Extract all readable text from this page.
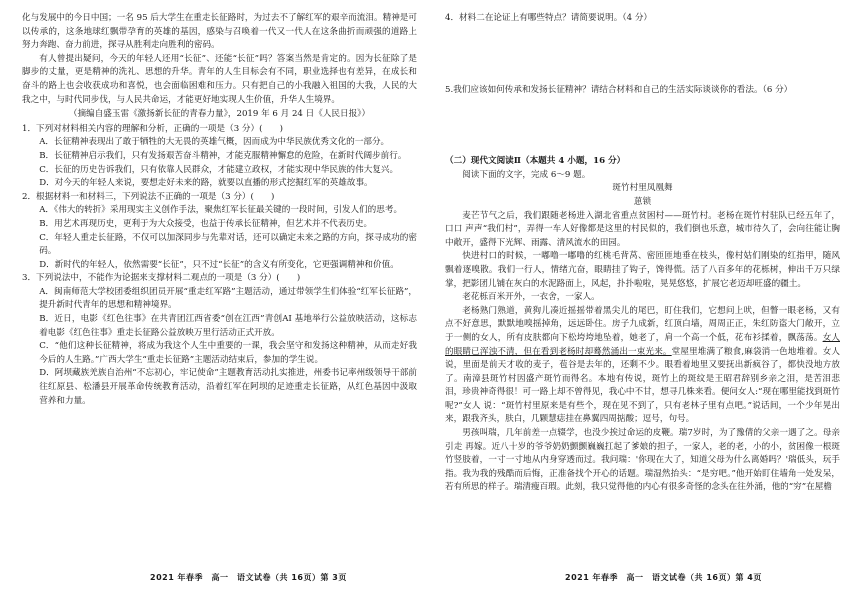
化与发展中的今日中国；一名 95 后大学生在重走长征路时，为过去不了解红军的艰辛而流泪。精神是可以传承的，这条地球红飘带孕育的英雄的基因，感染与召唤着一代又一代人在这条曲折而顽强的道路上努力奔跑、奋力前进，探寻从胜利走向胜利的密码。

有人曾提出疑问，今天的年轻人还用“长征”、还能“长征”吗？答案当然是肯定的。因为长征除了是脚步的丈量，更是精神的洗礼、思想的升华。青年的人生目标会有不同，职业选择也有差异，在成长和奋斗的路上也会收获成功和喜悦，也会面临困难和压力。只有把自己的小我融入祖国的大我，人民的大我之中，与时代同步伐，与人民共命运，才能更好地实现人生价值，升华人生境界。

（摘编自盛玉雷《激扬新长征的青春力量》，2019 年 6 月 24 日《人民日报》）

1．下列对材料相关内容的理解和分析，正确的一项是（3 分）(　　)

A．长征精神表现出了敢于牺牲的大无畏的英雄气概，因而成为中华民族优秀文化的一部分。

B．长征精神启示我们，只有发扬艰苦奋斗精神，才能克服精神懈怠的危险，在新时代阔步前行。

C．长征的历史告诉我们，只有依靠人民群众，才能建立政权，才能实现中华民族的伟大复兴。

D．对今天的年轻人来说，要想走好未来的路，就要以直播的形式挖掘红军的英雄故事。

2．根据材料一和材料三，下列说法不正确的一项是（3 分）(　　)

A．《伟大的转折》采用现实主义创作手法，聚焦红军长征最关键的一段时间，引发人们的思考。

B．用艺术再现历史，更利于为大众接受，也益于传承长征精神，但艺术并不代表历史。

C．年轻人重走长征路，不仅可以加深同步与先辈对话，还可以确定未来之路的方向，探寻成功的密码。

D．新时代的年轻人，依然需要“长征”，只不过“长征”的含义有所变化，它更强调精神和价值。

3．下列说法中，不能作为论据来支撑材料二观点的一项是（3 分）(　　)

A．闽南师范大学校团委组织团员开展“重走红军路”主题活动，通过带领学生们体验“红军长征路”，提升新时代青年的思想和精神境界。

B．近日，电影《红色往事》在共青团江西省委“创在江西”青创AI 基地举行公益放映活动，这标志着电影《红色往事》重走长征路公益放映万里行活动正式开放。

C．“他们这种长征精神，将成为我这个人生中重要的一课，我会坚守和发扬这种精神，从而走好我今后的人生路。”广西大学生“重走长征路”主题活动结束后，参加的学生说。

D．阿坝藏族羌族自治州“不忘初心，牢记使命”主题教育活动扎实推进，州委书记率州级领导干部前往红原县、松潘县开展革命传统教育活动，沿着红军在阿坝的足迹重走长征路，从红色基因中汲取营养和力量。

4．材料二在论证上有哪些特点？请简要说明。（4 分）

5.我们应该如何传承和发扬长征精神？请结合材料和自己的生活实际谈谈你的看法。（6 分）

（二）现代文阅读Ⅱ（本题共 4 小题，16 分）

阅读下面的文字，完成 6～9 题。

斑竹村里凤凰舞

葸锁

麦芒节气之后，我们跟随老杨进入湖北省重点贫困村——斑竹村。老杨在斑竹村驻队已经五年了，口口 声声“我们村”，弄得一车人好像都是这里的村民似的，我们倒也乐意，城市待久了，会向往能让胸中敞开，盛得下光辉、雨露、清风流水的田园。

快进村口的时候，一嘟噜一嘟噜的红桃毛背莴、密匝匝地垂在枝头，像村姑们刚染的红指甲，随风飘着逐嗅散。我们一行人，情绪亢奋，眼睛挂了钩子，馋得慌。活了八百多年的花栎树，伸出千万只绿掌，把影团儿铺在灰白的水泥路面上，风起，扑扑啦啦，晃晃悠悠，扩展它老迈却旺盛的疆土。

老花栎百米开外，一衣舍，一家人。

老杨熟门熟道，黄狗儿凑近摇摇带着黑尖儿的尾巴，盯住我们，它想问上吠，但瞥一眼老杨，又有点不好意思，默默地嗅摇掉角，远远卧住。房子九成新，红顶白墙，周周正正，朱红防盗大门敞开，立于一侧的女人，所有皮肤都向下松垮垮地坠着，她老了，肩一个高一个低，花布衫揉着，飘荡荡。女人的眼睛已浑浊不清，但在看到老杨时却蓦然涌出一束光来。堂屋里堆满了粮食,麻袋消一色地堆着。女人说，里面是前天才收的麦子，苞谷是去年的，还剩不少。眼看着地里又要抚出新疯谷了，都快没地方放了。南漳县斑竹村因盛产斑竹而得名。本地有传说，斑竹上的斑纹是王昭君辞别乡亲之泪，是苦泪悲泪，珍贵神奇得很！可一路上却不曾得见，我心中不甘，想寻几株来看。便问女人:“现在哪里能找到斑竹呢?”女人 说：“斑竹村里原来是有些个，现在见不到了，只有老林子里有点吧。”说话间，一个少年晃出来，跟我齐头，肤白，几颗慧痣挂在鼻翼四周掂酸；逗号，句号。

男孩叫瑞，几年前差一点辍学，也没少挨过命运的皮鞭。瑞7岁时，为了豫倩的父亲一遇了之。母亲引走 再嫁。近八十岁的爷爷奶奶颤颤巍巍扛起了爹娘的担子，一家人，老的老，小的小，贫困像一根斑竹竖肢着，一寸一寸地从内身穿透而过。我问瑞：'你现在大了，知道父母为什么离婚吗？'瑞低头，玩手指。我为我的残酷而后悔，正准备找个开心的话题。瑞湿然抬头：“是穷吧。”他开始盯住墙角一处发呆，若有所思的样子。瑞清瘦百瑕。此刻，我只觉得他的内心有很多奇怪的念头在往外涌，他的“穷”在屋檐

2021 年春季　高一　语文试卷（共 16页）第 3页	2021 年春季　高一　语文试卷（共 16页）第 4页
